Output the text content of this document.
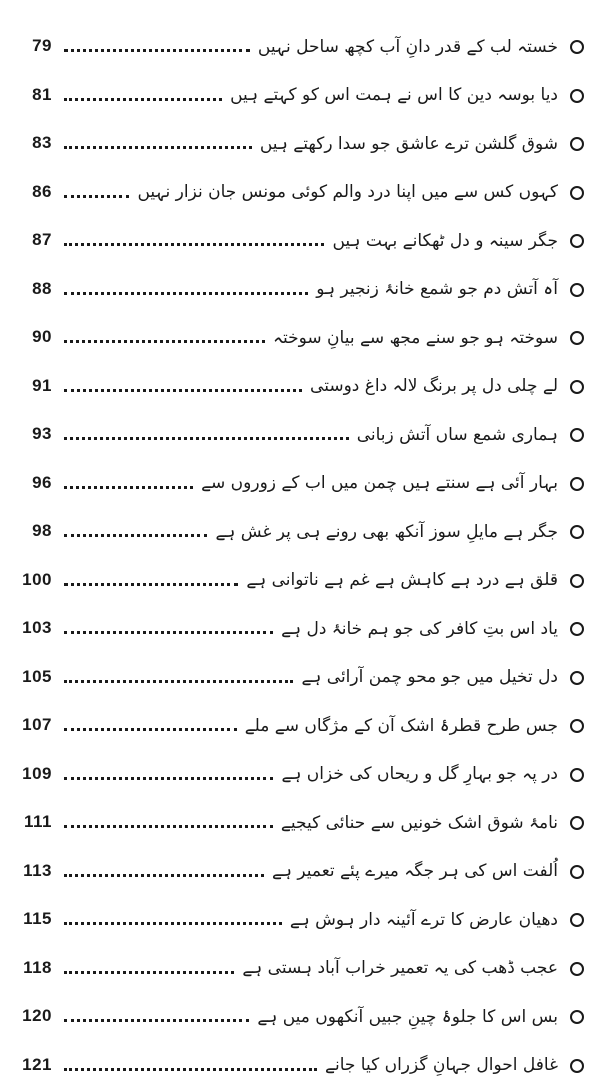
79	خستہ لب کے قدر دانِ آب کچھ ساحل نہیں
81	دیا بوسہ دین کا اس نے ہمت اس کو کہتے ہیں
83	شوق گلشن ترے عاشق جو سدا رکھتے ہیں
86	کہوں کس سے میں اپنا درد والم کوئی مونس جان نزار نہیں
87	جگر سینہ و دل ٹھکانے بہت ہیں
88	آہ آتش دم جو شمع خانۂ زنجیر ہو
90	سوختہ ہو جو سنے مجھ سے بیانِ سوختہ
91	لے چلی دل پر برنگ لالہ داغ دوستی
93	ہماری شمع ساں آتش زبانی
96	بہار آئی ہے سنتے ہیں چمن میں اب کے زوروں سے
98	جگر ہے مایلِ سوز آنکھ بھی رونے ہی پر غش ہے
100	قلق ہے درد ہے کاہش ہے غم ہے ناتوانی ہے
103	یاد اس بتِ کافر کی جو ہم خانۂ دل ہے
105	دل تخیل میں جو محو چمن آرائی ہے
107	جس طرح قطرۂ اشک آن کے مژگاں سے ملے
109	در پہ جو بہارِ گل و ریحاں کی خزاں ہے
111	نامۂ شوق اشک خونیں سے حنائی کیجیے
113	اُلفت اس کی ہر جگہ میرے پئے تعمیر ہے
115	دھیان عارض کا ترے آئینہ دار ہوش ہے
118	عجب ڈھب کی یہ تعمیر خراب آباد ہستی ہے
120	بس اس کا جلوۂ چینِ جبیں آنکھوں میں ہے
121	غافل احوال جہانِ گزراں کیا جانے
